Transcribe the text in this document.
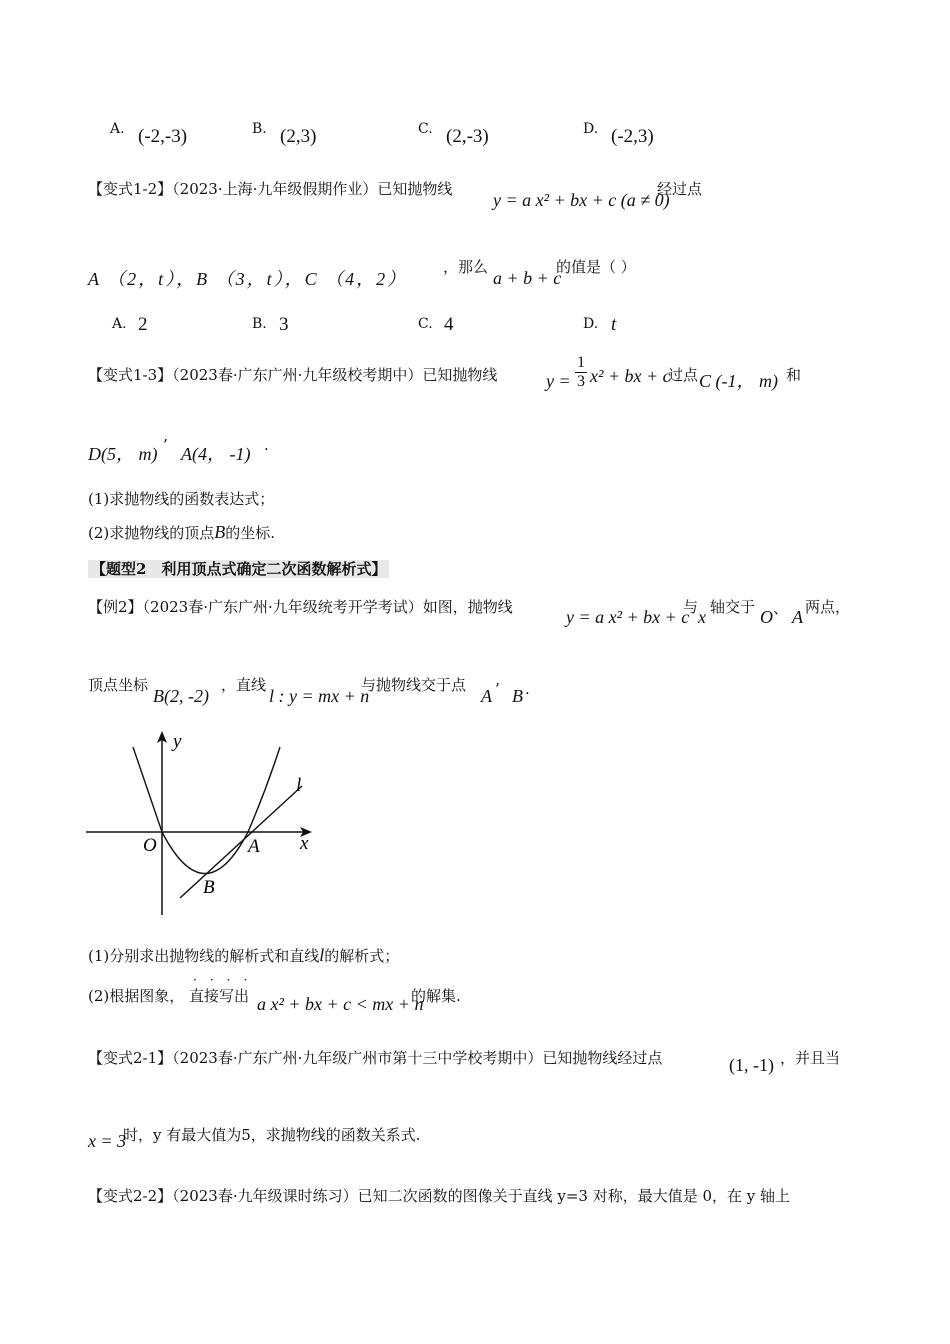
A. (-2,-3)	B. (2,3)	C. (2,-3)	D. (-2,3)
【变式1-2】（2023·上海·九年级假期作业）已知抛物线
y = a x² + bx + c (a ≠ 0)
经过点
A （2，t），B （3，t），C （4，2）
，那么
a + b + c
的值是（ ）
A. 2	B. 3	C. 4	D. t
【变式1-3】（2023春·广东广州·九年级校考期中）已知抛物线	$y = \frac{1}{3} x^2$ + bx + c
过点 C (-1， m) 和
D(5， m) ’ A(4， -1) .
(1)求抛物线的函数表达式；
(2)求抛物线的顶点B的坐标.
【题型2　利用顶点式确定二次函数解析式】
【例2】（2023春·广东广州·九年级统考开学考试）如图，抛物线	y = a x² + bx + c
与 x 轴交于 O 、 A 两点，
顶点坐标
B(2, -2)
，直线
l : y = mx + n
与抛物线交于点
A ’ B .
y
x
O	A
B
l
(1)分别求出抛物线的解析式和直线l的解析式；
(2)根据图象，
····
直接写出 a x² + bx + c < mx + n
的解集.
【变式2-1】（2023春·广东广州·九年级广州市第十三中学校考期中）已知抛物线经过点	(1, -1) ，并且当
x = 3
时，y 有最大值为5，求抛物线的函数关系式.
【变式2-2】（2023春·九年级课时练习）已知二次函数的图像关于直线 y=3 对称，最大值是 0，在 y 轴上
